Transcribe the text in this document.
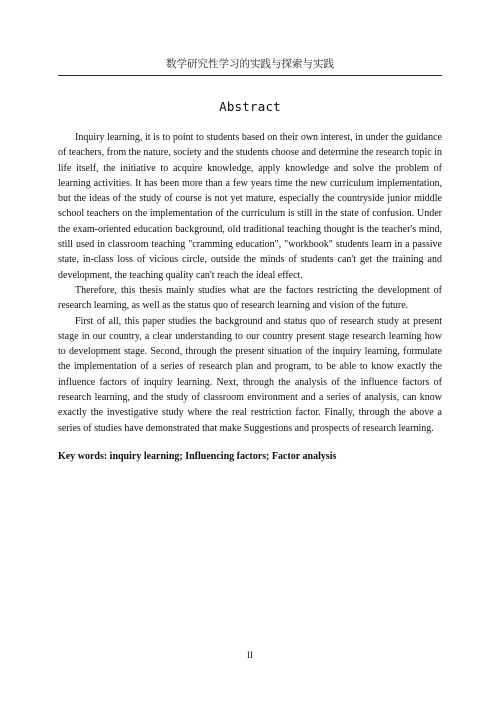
数学研究性学习的实践与探索与实践
Abstract

Inquiry learning, it is to point to students based on their own interest, in under the guidance of teachers, from the nature, society and the students choose and determine the research topic in life itself, the initiative to acquire knowledge, apply knowledge and solve the problem of learning activities. It has been more than a few years time the new curriculum implementation, but the ideas of the study of course is not yet mature, especially the countryside junior middle school teachers on the implementation of the curriculum is still in the state of confusion. Under the exam-oriented education background, old traditional teaching thought is the teacher's mind, still used in classroom teaching "cramming education", "workbook" students learn in a passive state, in-class loss of vicious circle, outside the minds of students can't get the training and development, the teaching quality can't reach the ideal effect.

Therefore, this thesis mainly studies what are the factors restricting the development of research learning, as well as the status quo of research learning and vision of the future.

First of all, this paper studies the background and status quo of research study at present stage in our country, a clear understanding to our country present stage research learning how to development stage. Second, through the present situation of the inquiry learning, formulate the implementation of a series of research plan and program, to be able to know exactly the influence factors of inquiry learning. Next, through the analysis of the influence factors of research learning, and the study of classroom environment and a series of analysis, can know exactly the investigative study where the real restriction factor. Finally, through the above a series of studies have demonstrated that make Suggestions and prospects of research learning.

Key words: inquiry learning; Influencing factors; Factor analysis
II
